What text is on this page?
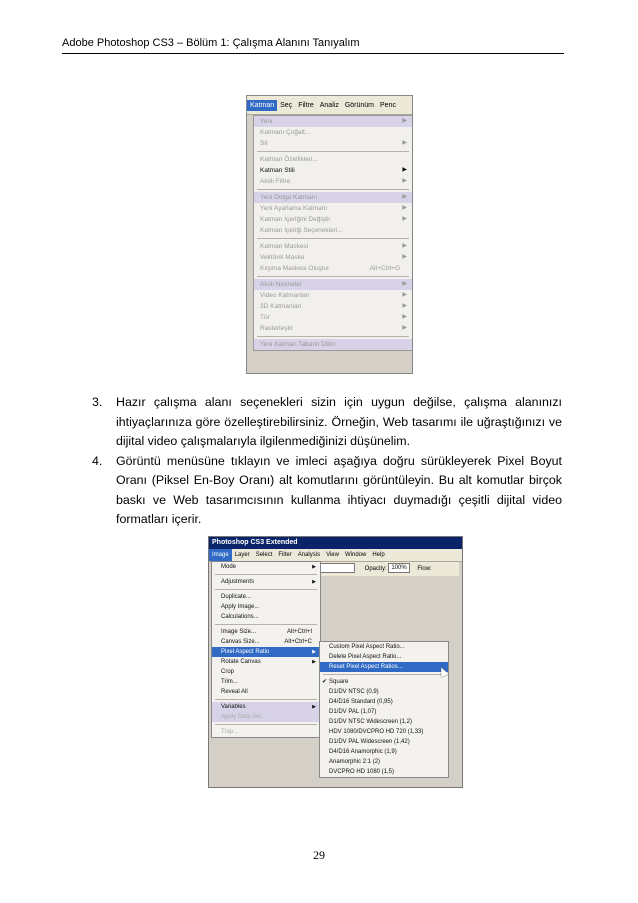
Adobe Photoshop CS3 – Bölüm 1: Çalışma Alanını Tanıyalım
Katman Seç Filtre Analiz Görünüm Penc
Yeni	▶
Katmanı Çoğalt...
Sil	▶
Katman Özellikleri...
Katman Stili	▶
Akıllı Filtre	▶
Yeni Dolgu Katmanı	▶
Yeni Ayarlama Katmanı	▶
Katman İçeriğini Değiştir	▶
Katman İçeriği Seçenekleri...
Katman Maskesi	▶
Vektörel Maske	▶
Kırpma Maskesi Oluştur	Alt+Ctrl+G
Akıllı Nesneler	▶
Video Katmanları	▶
3D Katmanları	▶
Tür	▶
Rasterleştir	▶
Yeni Katman Tabanlı Dilim

3. Hazır çalışma alanı seçenekleri sizin için uygun değilse, çalışma alanınızı ihtiyaçlarınıza göre özelleştirebilirsiniz. Örneğin, Web tasarımı ile uğraştığınızı ve dijital video çalışmalarıyla ilgilenmediğinizi düşünelim.

4. Görüntü menüsüne tıklayın ve imleci aşağıya doğru sürükleyerek Pixel Boyut Oranı (Piksel En-Boy Oranı) alt komutlarını görüntüleyin. Bu alt komutlar birçok baskı ve Web tasarımcısının kullanma ihtiyacı duymadığı çeşitli dijital video formatları içerir.

Photoshop CS3 Extended
Image	Layer	Select	Filter	Analysis	View	Window	Help
Opacity: 100% Flow:
Mode	▶
Adjustments	▶
Duplicate...
Apply Image...
Calculations...
Image Size...	Alt+Ctrl+I
Canvas Size...	Alt+Ctrl+C
Pixel Aspect Ratio	▶
Rotate Canvas	▶
Crop
Trim...
Reveal All
Variables	▶
Apply Data Set...
Trap...
Custom Pixel Aspect Ratio...
Delete Pixel Aspect Ratio...
Reset Pixel Aspect Ratios...
✔ Square
D1/DV NTSC (0,9)
D4/D16 Standard (0,95)
D1/DV PAL (1,07)
D1/DV NTSC Widescreen (1,2)
HDV 1080/DVCPRO HD 720 (1,33)
D1/DV PAL Widescreen (1,42)
D4/D16 Anamorphic (1,9)
Anamorphic 2:1 (2)
DVCPRO HD 1080 (1,5)
29
